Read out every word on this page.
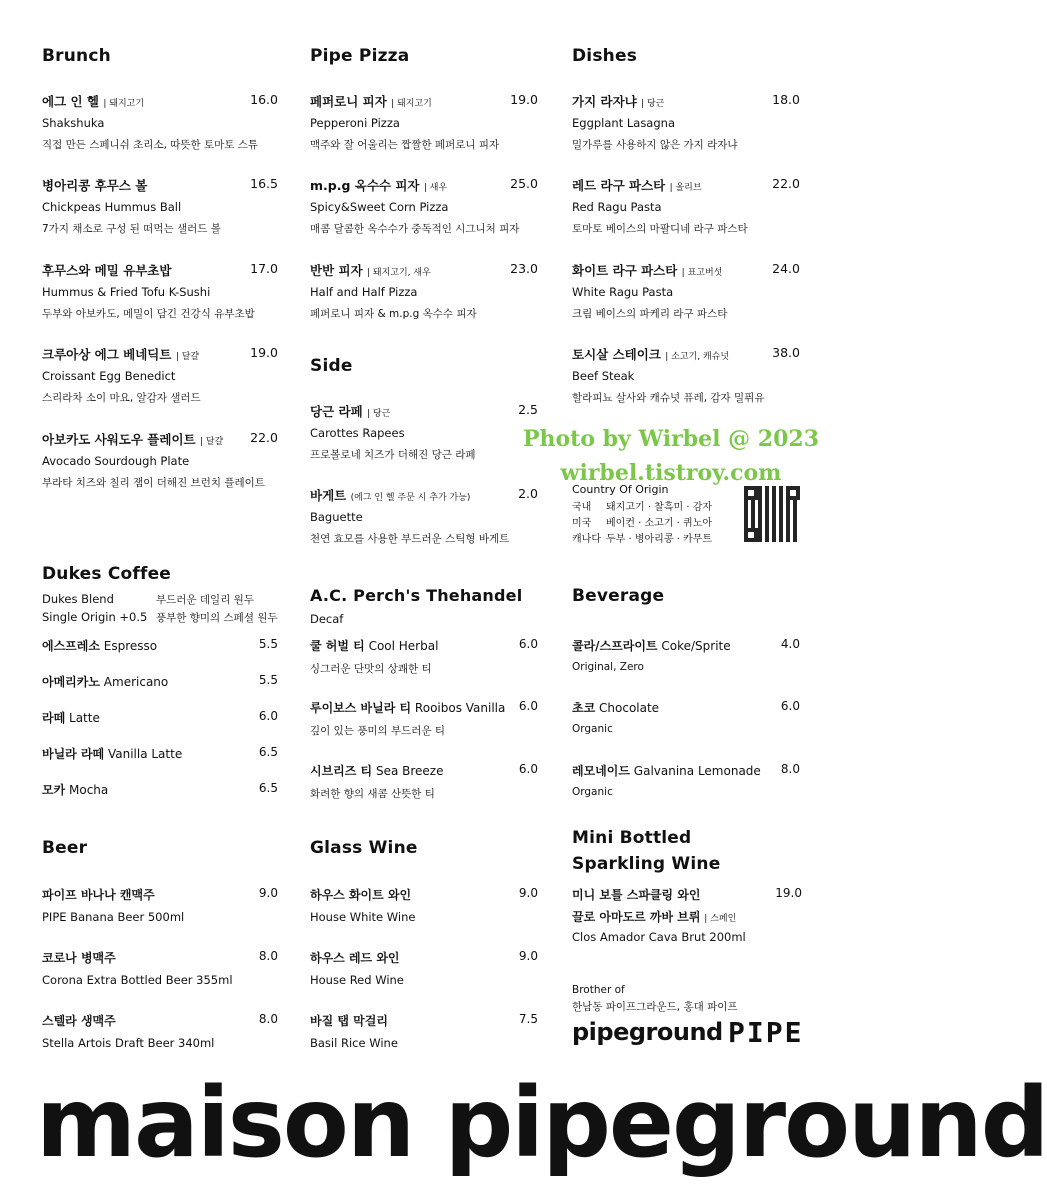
Brunch	Pipe Pizza	Dishes
에그 인 헬 | 돼지고기	16.0
Shakshuka
직접 만든 스페니쉬 초리소, 따뜻한 토마토 스튜
병아리콩 후무스 볼	16.5
Chickpeas Hummus Ball
7가지 채소로 구성 된 떠먹는 샐러드 볼
후무스와 메밀 유부초밥	17.0
Hummus & Fried Tofu K-Sushi
두부와 아보카도, 메밀이 담긴 건강식 유부초밥
크루아상 에그 베네딕트 | 달걀	19.0
Croissant Egg Benedict
스리라차 소이 마요, 알감자 샐러드
아보카도 사워도우 플레이트 | 달걀	22.0
Avocado Sourdough Plate
부라타 치즈와 칠리 잼이 더해진 브런치 플레이트
페퍼로니 피자 | 돼지고기	19.0
Pepperoni Pizza
맥주와 잘 어울리는 짭짤한 페퍼로니 피자
m.p.g 옥수수 피자 | 새우	25.0
Spicy&Sweet Corn Pizza
매콤 달콤한 옥수수가 중독적인 시그니처 피자
반반 피자 | 돼지고기, 새우	23.0
Half and Half Pizza
페퍼로니 피자 & m.p.g 옥수수 피자
가지 라자냐 | 당근	18.0
Eggplant Lasagna
밀가루를 사용하지 않은 가지 라자냐
레드 라구 파스타 | 올리브	22.0
Red Ragu Pasta
토마토 베이스의 마팔디네 라구 파스타
화이트 라구 파스타 | 표고버섯	24.0
White Ragu Pasta
크림 베이스의 파케리 라구 파스타
토시살 스테이크 | 소고기, 캐슈넛	38.0
Beef Steak
할라피뇨 살사와 캐슈넛 퓨레, 감자 밀퓌유
당근 라페 | 당근	2.5
Carottes Rapees
프로볼로네 치즈가 더해진 당근 라페
바게트 (에그 인 헬 주문 시 추가 가능)	2.0
Baguette
천연 효모를 사용한 부드러운 스틱형 바게트
에스프레소 Espresso	5.5
아메리카노 Americano	5.5
라떼 Latte	6.0
바닐라 라떼 Vanilla Latte	6.5
모카 Mocha	6.5
쿨 허벌 티 Cool Herbal	6.0
싱그러운 단맛의 상쾌한 티
루이보스 바닐라 티 Rooibos Vanilla 6.0
깊이 있는 풍미의 부드러운 티
시브리즈 티 Sea Breeze	6.0
화려한 향의 새콤 산뜻한 티
콜라/스프라이트 Coke/Sprite	4.0
Original, Zero
초코 Chocolate	6.0
Organic
레모네이드 Galvanina Lemonade 8.0
Organic
파이프 바나나 캔맥주	9.0
PIPE Banana Beer 500ml
코로나 병맥주	8.0
Corona Extra Bottled Beer 355ml
스텔라 생맥주	8.0
Stella Artois Draft Beer 340ml
하우스 화이트 와인	9.0
House White Wine
하우스 레드 와인	9.0
House Red Wine
바질 탭 막걸리	7.5
Basil Rice Wine
Side
Photo by Wirbel @ 2023
wirbel.tistroy.com
Country Of Origin
국내 돼지고기 · 찰흑미 · 감자
미국 베이컨 · 소고기 · 퀴노아
캐나다 두부 · 병아리콩 · 카무트
Dukes Coffee
Dukes Blend	부드러운 데일리 원두
Single Origin +0.5 풍부한 향미의 스페셜 원두
A.C. Perch's Thehandel
Decaf
Beverage
Beer	Glass Wine	Mini Bottled
Sparkling Wine
미니 보틀 스파클링 와인	19.0
끌로 아마도르 까바 브뤼 | 스페인
Clos Amador Cava Brut 200ml
Brother of
한남동 파이프그라운드, 홍대 파이프
pipeground PIPE
maison pipeground
